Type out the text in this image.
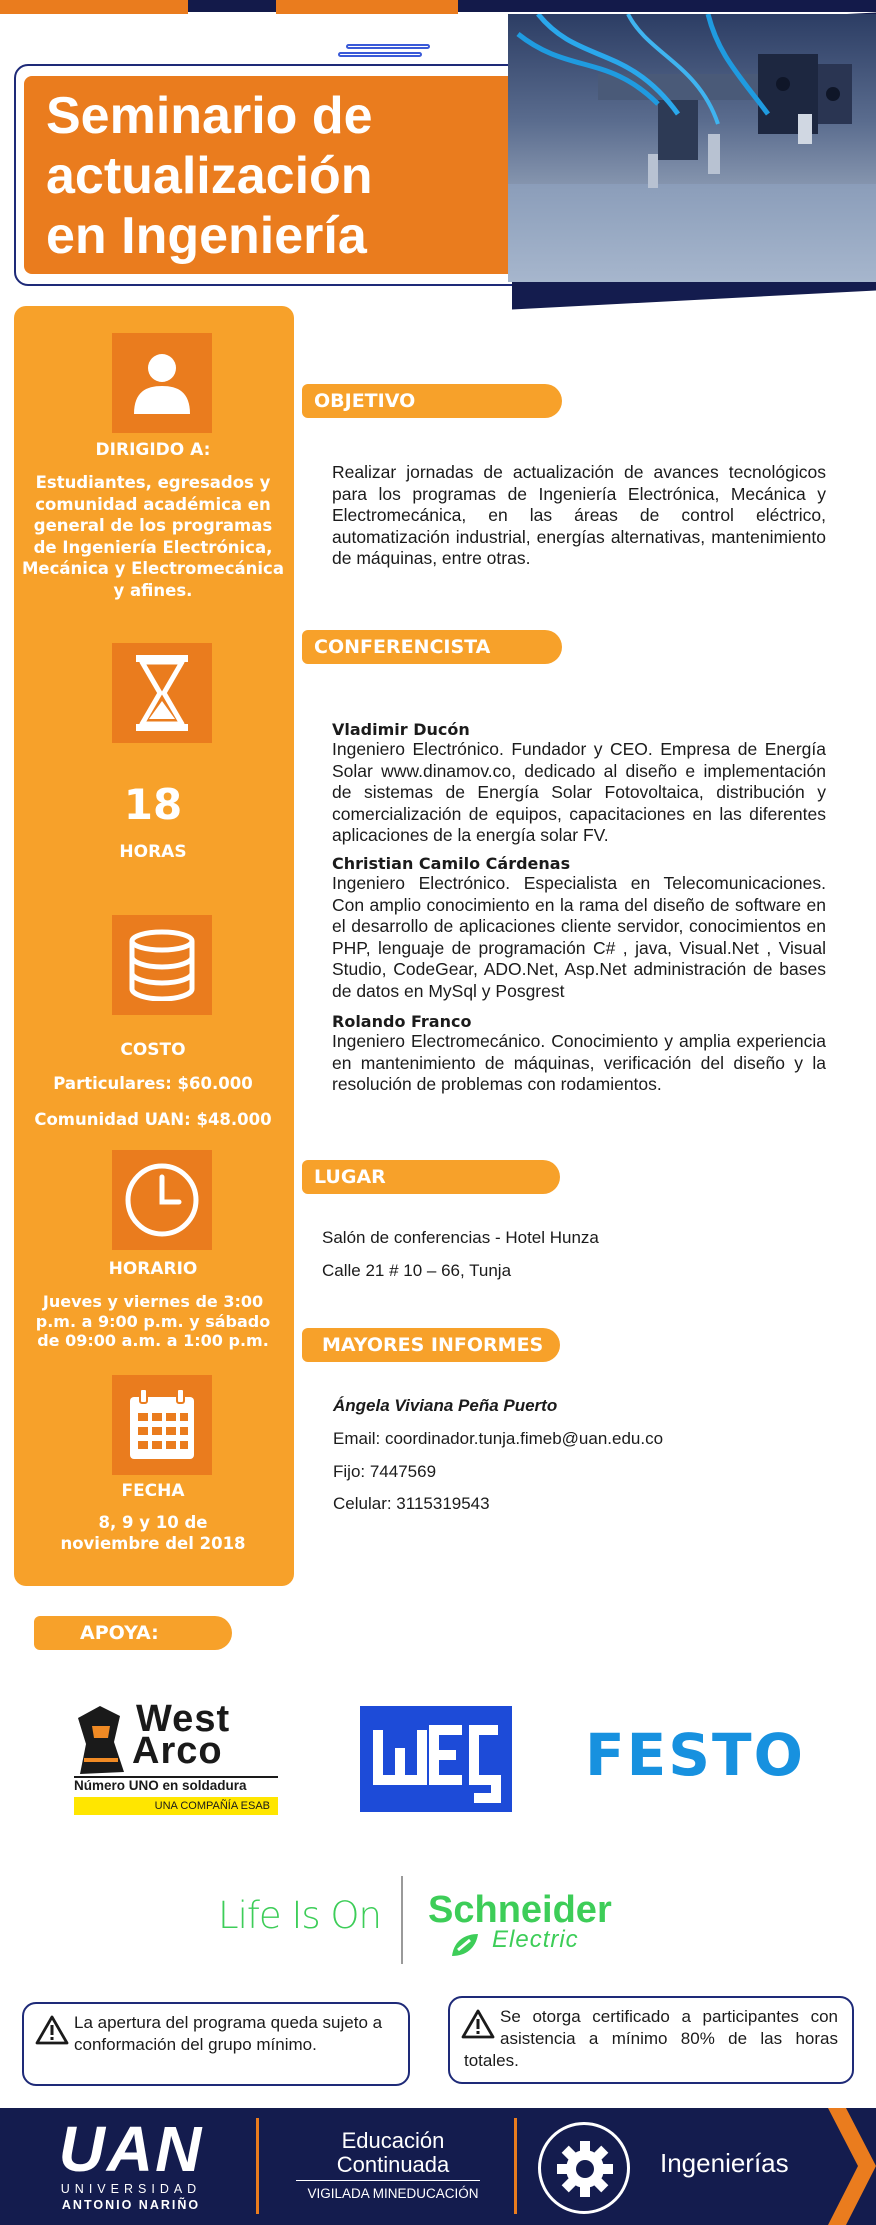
Seminario de
actualización
en Ingeniería
DIRIGIDO A:
Estudiantes, egresados y comunidad académica en general de los programas de Ingeniería Electrónica, Mecánica y Electromecánica y afines.
18
HORAS
COSTO
Particulares: $60.000
Comunidad UAN: $48.000
HORARIO
Jueves y viernes de 3:00 p.m. a 9:00 p.m. y sábado de 09:00 a.m. a 1:00 p.m.
FECHA
8, 9 y 10 de noviembre del 2018
OBJETIVO
Realizar jornadas de actualización de avances tecnológicos para los programas de Ingeniería Electrónica, Mecánica y Electromecánica, en las áreas de control eléctrico, automatización industrial, energías alternativas, mantenimiento de máquinas, entre otras.
CONFERENCISTA
Vladimir Ducón
Ingeniero Electrónico. Fundador y CEO. Empresa de Energía Solar www.dinamov.co, dedicado al diseño e implementación de sistemas de Energía Solar Fotovoltaica, distribución y comercialización de equipos, capacitaciones en las diferentes aplicaciones de la energía solar FV.
Christian Camilo Cárdenas
Ingeniero Electrónico. Especialista en Telecomunicaciones. Con amplio conocimiento en la rama del diseño de software en el desarrollo de aplicaciones cliente servidor, conocimientos en PHP, lenguaje de programación C# , java, Visual.Net , Visual Studio, CodeGear, ADO.Net, Asp.Net administración de bases de datos en MySql y Posgrest
Rolando Franco
Ingeniero Electromecánico. Conocimiento y amplia experiencia en mantenimiento de máquinas, verificación del diseño y la resolución de problemas con rodamientos.
LUGAR
Salón de conferencias - Hotel Hunza
Calle 21 # 10 – 66, Tunja
MAYORES INFORMES
Ángela Viviana Peña Puerto
Email: coordinador.tunja.fimeb@uan.edu.co
Fijo: 7447569
Celular: 3115319543
APOYA:
West
Arco
Número UNO en soldadura
UNA COMPAÑÍA ESAB
FESTO
Life Is On Schneider
Electric
La apertura del programa queda sujeto a conformación del grupo mínimo.
Se otorga certificado a participantes con asistencia a mínimo 80% de las horas totales.
UAN
UNIVERSIDAD
ANTONIO NARIÑO
Educación
Continuada
VIGILADA MINEDUCACIÓN
Ingenierías
